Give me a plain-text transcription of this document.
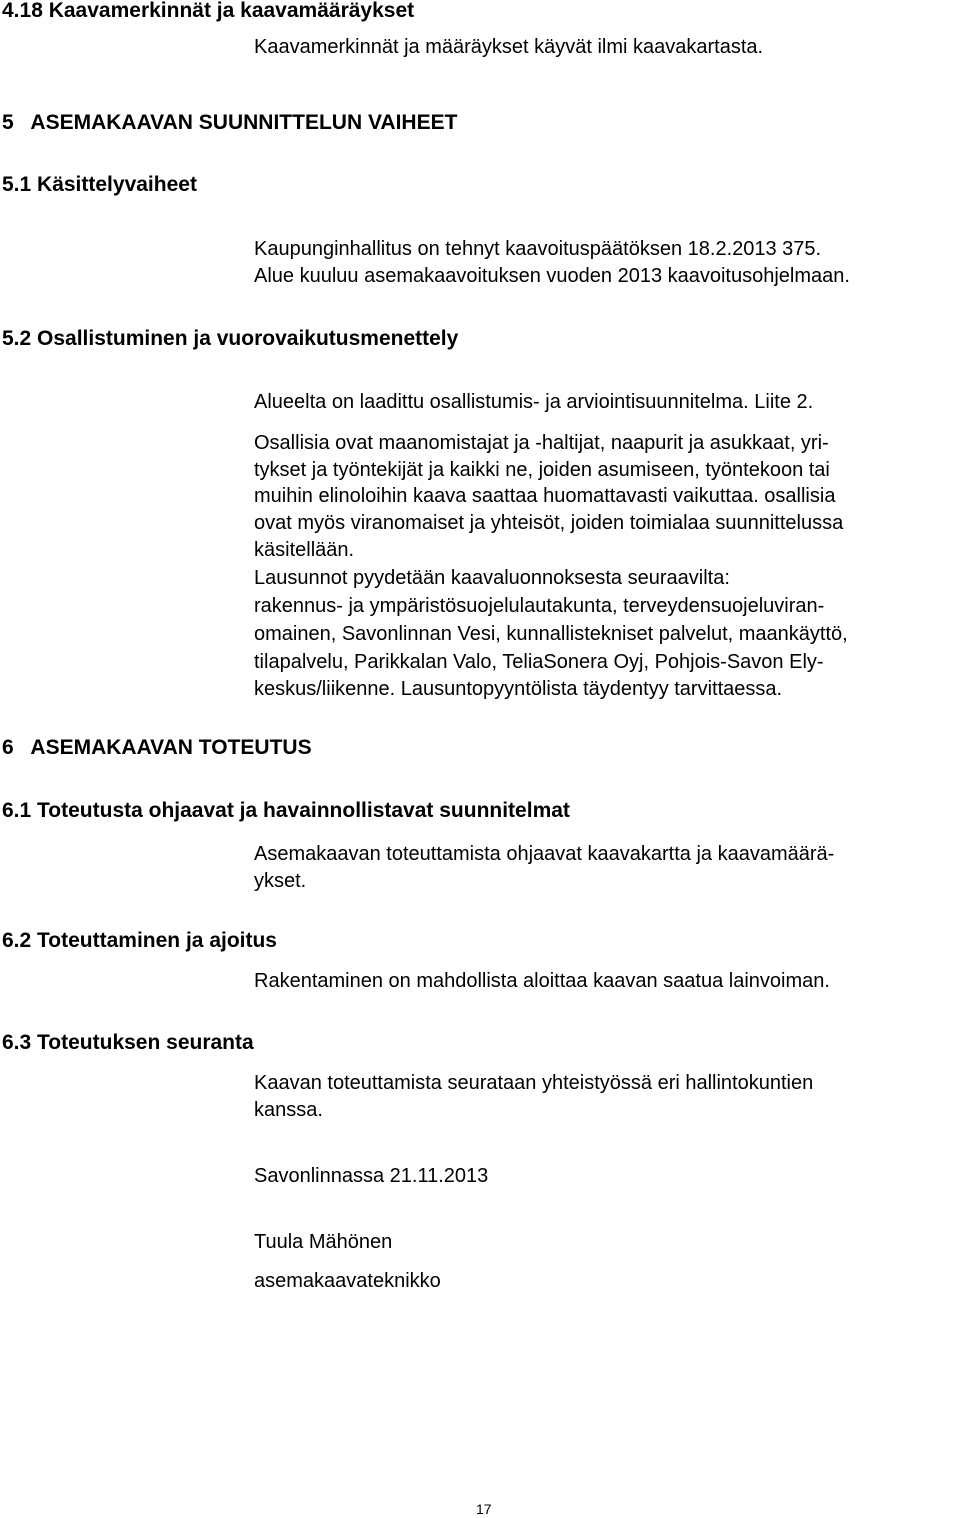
4.18 Kaavamerkinnät ja kaavamääräykset

Kaavamerkinnät ja määräykset käyvät ilmi kaavakartasta.

5   ASEMAKAAVAN SUUNNITTELUN VAIHEET
5.1 Käsittelyvaiheet

Kaupunginhallitus on tehnyt kaavoituspäätöksen 18.2.2013 375.

Alue kuuluu asemakaavoituksen vuoden 2013 kaavoitusohjelmaan.

5.2 Osallistuminen ja vuorovaikutusmenettely

Alueelta on laadittu osallistumis- ja arviointisuunnitelma. Liite 2.

Osallisia ovat maanomistajat ja -haltijat, naapurit ja asukkaat, yri-

tykset ja työntekijät ja kaikki ne, joiden asumiseen, työntekoon tai

muihin elinoloihin kaava saattaa huomattavasti vaikuttaa. osallisia

ovat myös viranomaiset ja yhteisöt, joiden toimialaa suunnittelussa

käsitellään.

Lausunnot pyydetään kaavaluonnoksesta seuraavilta:

rakennus- ja ympäristösuojelulautakunta, terveydensuojeluviran-

omainen, Savonlinnan Vesi, kunnallistekniset palvelut, maankäyttö,

tilapalvelu, Parikkalan Valo, TeliaSonera Oyj, Pohjois-Savon Ely-

keskus/liikenne. Lausuntopyyntölista täydentyy tarvittaessa.

6   ASEMAKAAVAN TOTEUTUS
6.1 Toteutusta ohjaavat ja havainnollistavat suunnitelmat

Asemakaavan toteuttamista ohjaavat kaavakartta ja kaavamäärä-

ykset.

6.2 Toteuttaminen ja ajoitus

Rakentaminen on mahdollista aloittaa kaavan saatua lainvoiman.

6.3 Toteutuksen seuranta

Kaavan toteuttamista seurataan yhteistyössä eri hallintokuntien

kanssa.

Savonlinnassa 21.11.2013

Tuula Mähönen

asemakaavateknikko

17
